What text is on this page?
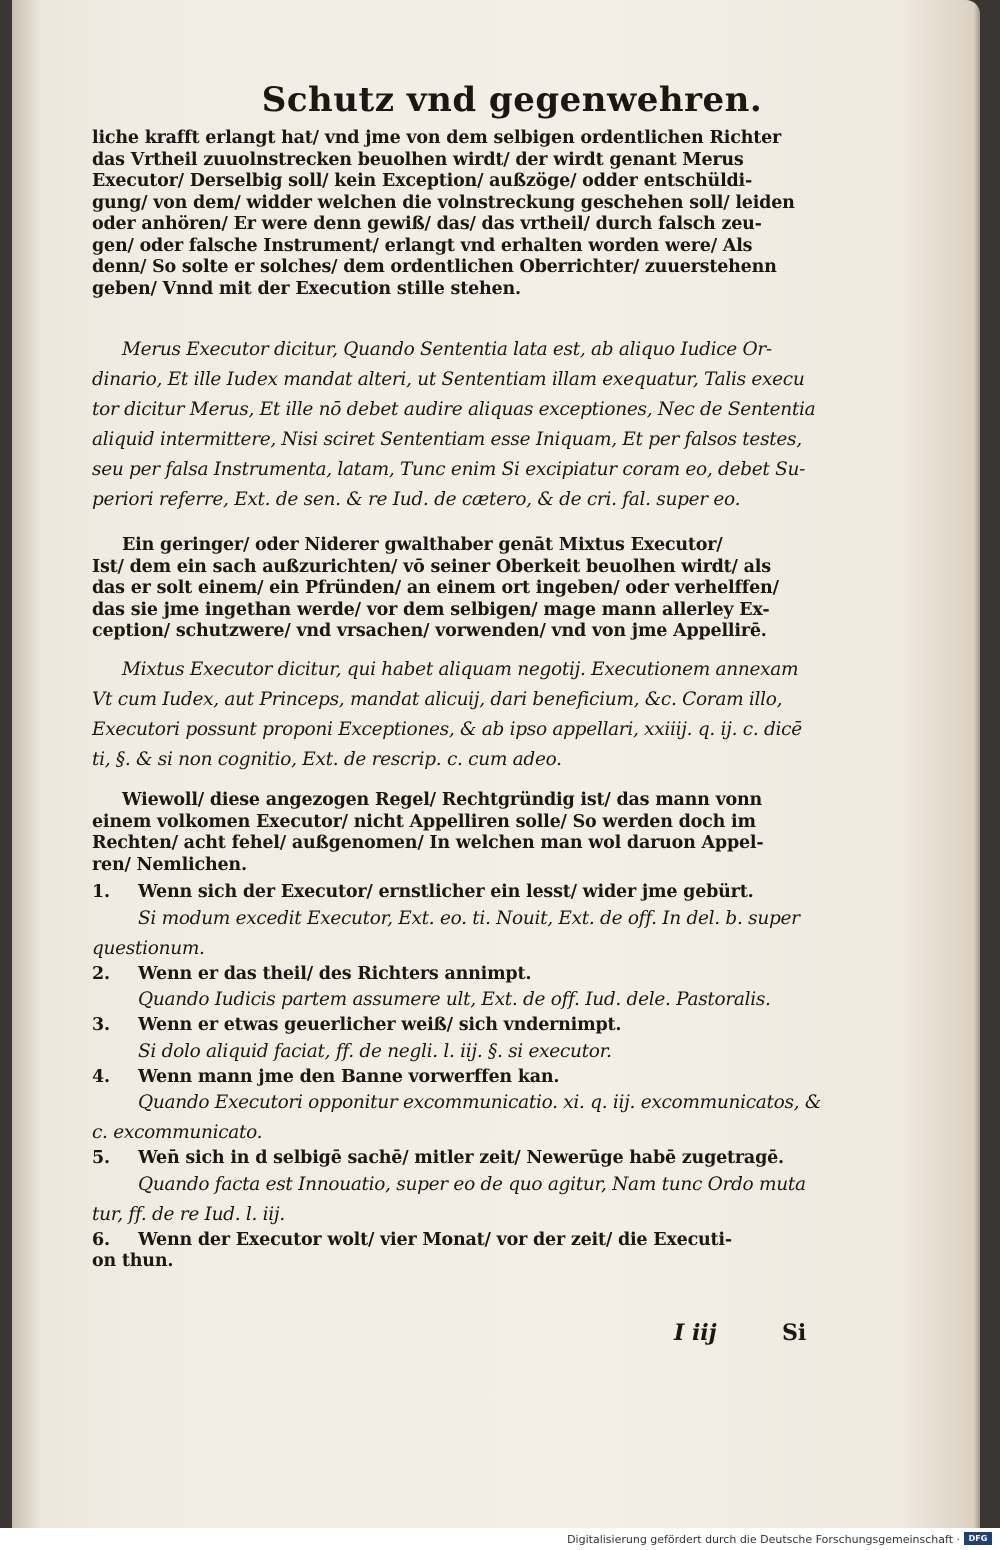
Schutz vnd gegenwehren.

liche krafft erlangt hat/ vnd jme von dem selbigen ordentlichen Richter

das Vrtheil zuuolnstrecken beuolhen wirdt/ der wirdt genant Merus

Executor/ Derselbig soll/ kein Exception/ außzöge/ odder entschüldi-

gung/ von dem/ widder welchen die volnstreckung geschehen soll/ leiden

oder anhören/ Er were denn gewiß/ das/ das vrtheil/ durch falsch zeu-

gen/ oder falsche Instrument/ erlangt vnd erhalten worden were/ Als

denn/ So solte er solches/ dem ordentlichen Oberrichter/ zuuerstehenn

geben/ Vnnd mit der Execution stille stehen.

Merus Executor dicitur, Quando Sententia lata est, ab aliquo Iudice Or-

dinario, Et ille Iudex mandat alteri, ut Sententiam illam exequatur, Talis execu

tor dicitur Merus, Et ille nō debet audire aliquas exceptiones, Nec de Sententia

aliquid intermittere, Nisi sciret Sententiam esse Iniquam, Et per falsos testes,

seu per falsa Instrumenta, latam, Tunc enim Si excipiatur coram eo, debet Su-

periori referre, Ext. de sen. & re Iud. de cætero, & de cri. fal. super eo.

Ein geringer/ oder Niderer gwalthaber genāt Mixtus Executor/

Ist/ dem ein sach außzurichten/ vō seiner Oberkeit beuolhen wirdt/ als

das er solt einem/ ein Pfründen/ an einem ort ingeben/ oder verhelffen/

das sie jme ingethan werde/ vor dem selbigen/ mage mann allerley Ex-

ception/ schutzwere/ vnd vrsachen/ vorwenden/ vnd von jme Appellirē.

Mixtus Executor dicitur, qui habet aliquam negotij. Executionem annexam

Vt cum Iudex, aut Princeps, mandat alicuij, dari beneficium, &c. Coram illo,

Executori possunt proponi Exceptiones, & ab ipso appellari, xxiiij. q. ij. c. dicē

ti, §. & si non cognitio, Ext. de rescrip. c. cum adeo.

Wiewoll/ diese angezogen Regel/ Rechtgründig ist/ das mann vonn

einem volkomen Executor/ nicht Appelliren solle/ So werden doch im

Rechten/ acht fehel/ außgenomen/ In welchen man wol daruon Appel-

ren/ Nemlichen.

1. Wenn sich der Executor/ ernstlicher ein lesst/ wider jme gebürt.

Si modum excedit Executor, Ext. eo. ti. Nouit, Ext. de off. In del. b. super

questionum.

2. Wenn er das theil/ des Richters annimpt.

Quando Iudicis partem assumere ult, Ext. de off. Iud. dele. Pastoralis.

3. Wenn er etwas geuerlicher weiß/ sich vndernimpt.

Si dolo aliquid faciat, ff. de negli. l. iij. §. si executor.

4. Wenn mann jme den Banne vorwerffen kan.

Quando Executori opponitur excommunicatio. xi. q. iij. excommunicatos, &

c. excommunicato.

5. Wen̄ sich in d selbigē sachē/ mitler zeit/ Newerūge habē zugetragē.

Quando facta est Innouatio, super eo de quo agitur, Nam tunc Ordo muta

tur, ff. de re Iud. l. iij.

6. Wenn der Executor wolt/ vier Monat/ vor der zeit/ die Executi-

on thun.

I iij	Si
Digitalisierung gefördert durch die Deutsche Forschungsgemeinschaft ·	DFG
